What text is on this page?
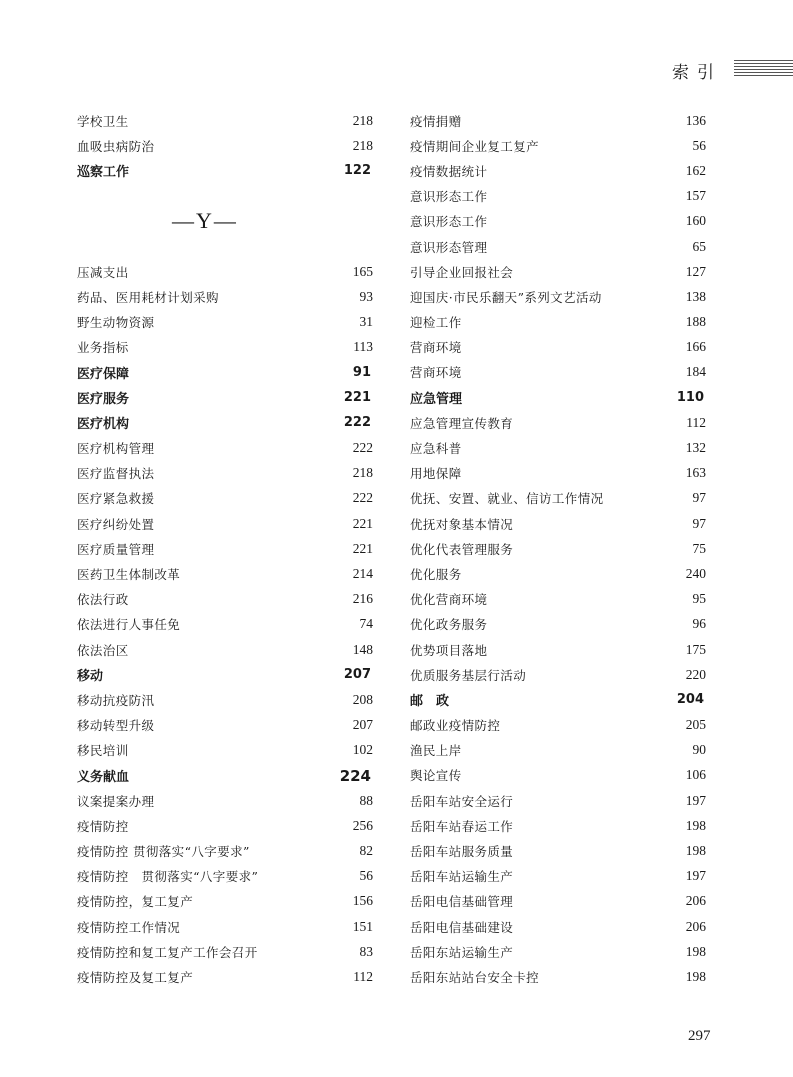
索引
学校卫生	218
血吸虫病防治	218
巡察工作	122
—Y—
压减支出	165
药品、医用耗材计划采购	93
野生动物资源	31
业务指标	113
医疗保障	91
医疗服务	221
医疗机构	222
医疗机构管理	222
医疗监督执法	218
医疗紧急救援	222
医疗纠纷处置	221
医疗质量管理	221
医药卫生体制改革	214
依法行政	216
依法进行人事任免	74
依法治区	148
移动	207
移动抗疫防汛	208
移动转型升级	207
移民培训	102
义务献血	224
议案提案办理	88
疫情防控	256
疫情防控 贯彻落实“八字要求”	82
疫情防控　贯彻落实“八字要求”	56
疫情防控，复工复产	156
疫情防控工作情况	151
疫情防控和复工复产工作会召开	83
疫情防控及复工复产	112
疫情捐赠	136
疫情期间企业复工复产	56
疫情数据统计	162
意识形态工作	157
意识形态工作	160
意识形态管理	65
引导企业回报社会	127
迎国庆·市民乐翻天”系列文艺活动	138
迎检工作	188
营商环境	166
营商环境	184
应急管理	110
应急管理宣传教育	112
应急科普	132
用地保障	163
优抚、安置、就业、信访工作情况	97
优抚对象基本情况	97
优化代表管理服务	75
优化服务	240
优化营商环境	95
优化政务服务	96
优势项目落地	175
优质服务基层行活动	220
邮　政	204
邮政业疫情防控	205
渔民上岸	90
舆论宣传	106
岳阳车站安全运行	197
岳阳车站春运工作	198
岳阳车站服务质量	198
岳阳车站运输生产	197
岳阳电信基础管理	206
岳阳电信基础建设	206
岳阳东站运输生产	198
岳阳东站站台安全卡控	198
297
